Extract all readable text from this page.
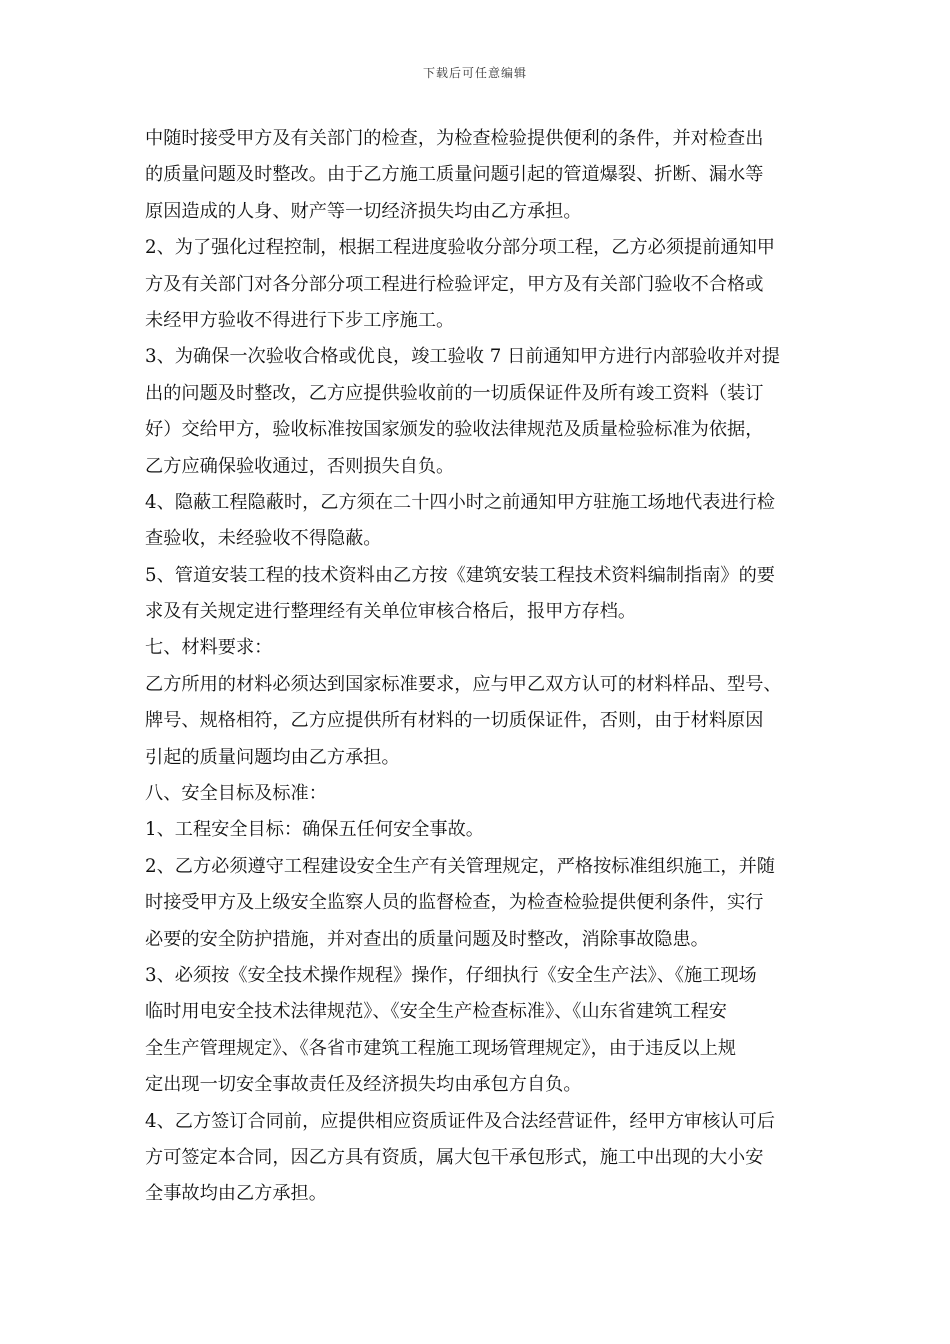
下载后可任意编辑
中随时接受甲方及有关部门的检查，为检查检验提供便利的条件，并对检查出
的质量问题及时整改。由于乙方施工质量问题引起的管道爆裂、折断、漏水等
原因造成的人身、财产等一切经济损失均由乙方承担。
2、为了强化过程控制，根据工程进度验收分部分项工程，乙方必须提前通知甲
方及有关部门对各分部分项工程进行检验评定，甲方及有关部门验收不合格或
未经甲方验收不得进行下步工序施工。
3、为确保一次验收合格或优良，竣工验收 7 日前通知甲方进行内部验收并对提
出的问题及时整改，乙方应提供验收前的一切质保证件及所有竣工资料（装订
好）交给甲方，验收标准按国家颁发的验收法律规范及质量检验标准为依据，
乙方应确保验收通过，否则损失自负。
4、隐蔽工程隐蔽时，乙方须在二十四小时之前通知甲方驻施工场地代表进行检
查验收，未经验收不得隐蔽。
5、管道安装工程的技术资料由乙方按《建筑安装工程技术资料编制指南》的要
求及有关规定进行整理经有关单位审核合格后，报甲方存档。
七、材料要求：
乙方所用的材料必须达到国家标准要求，应与甲乙双方认可的材料样品、型号、
牌号、规格相符，乙方应提供所有材料的一切质保证件，否则，由于材料原因
引起的质量问题均由乙方承担。
八、安全目标及标准：
1、工程安全目标：确保五任何安全事故。
2、乙方必须遵守工程建设安全生产有关管理规定，严格按标准组织施工，并随
时接受甲方及上级安全监察人员的监督检查，为检查检验提供便利条件，实行
必要的安全防护措施，并对查出的质量问题及时整改，消除事故隐患。
3、必须按《安全技术操作规程》操作，仔细执行《安全生产法》、《施工现场
临时用电安全技术法律规范》、《安全生产检查标准》、《山东省建筑工程安
全生产管理规定》、《各省市建筑工程施工现场管理规定》，由于违反以上规
定出现一切安全事故责任及经济损失均由承包方自负。
4、乙方签订合同前，应提供相应资质证件及合法经营证件，经甲方审核认可后
方可签定本合同，因乙方具有资质，属大包干承包形式，施工中出现的大小安
全事故均由乙方承担。
